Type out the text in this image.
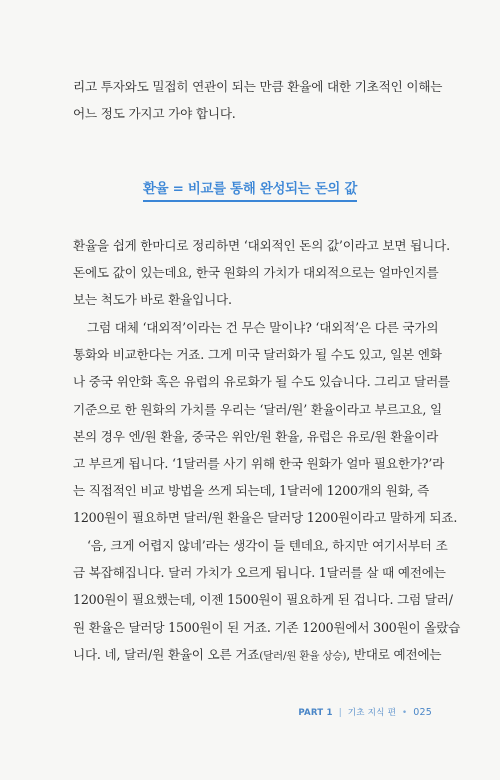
리고 투자와도 밀접히 연관이 되는 만큼 환율에 대한 기초적인 이해는
어느 정도 가지고 가야 합니다.
환율 = 비교를 통해 완성되는 돈의 값
환율을 쉽게 한마디로 정리하면 ‘대외적인 돈의 값’이라고 보면 됩니다.
돈에도 값이 있는데요, 한국 원화의 가치가 대외적으로는 얼마인지를
보는 척도가 바로 환율입니다.
그럼 대체 ‘대외적’이라는 건 무슨 말이냐? ‘대외적’은 다른 국가의
통화와 비교한다는 거죠. 그게 미국 달러화가 될 수도 있고, 일본 엔화
나 중국 위안화 혹은 유럽의 유로화가 될 수도 있습니다. 그리고 달러를
기준으로 한 원화의 가치를 우리는 ‘달러/원’ 환율이라고 부르고요, 일
본의 경우 엔/원 환율, 중국은 위안/원 환율, 유럽은 유로/원 환율이라
고 부르게 됩니다. ‘1달러를 사기 위해 한국 원화가 얼마 필요한가?’라
는 직접적인 비교 방법을 쓰게 되는데, 1달러에 1200개의 원화, 즉
1200원이 필요하면 달러/원 환율은 달러당 1200원이라고 말하게 되죠.
‘음, 크게 어렵지 않네’라는 생각이 들 텐데요, 하지만 여기서부터 조
금 복잡해집니다. 달러 가치가 오르게 됩니다. 1달러를 살 때 예전에는
1200원이 필요했는데, 이젠 1500원이 필요하게 된 겁니다. 그럼 달러/
원 환율은 달러당 1500원이 된 거죠. 기존 1200원에서 300원이 올랐습
니다. 네, 달러/원 환율이 오른 거죠(달러/원 환율 상승), 반대로 예전에는
PART 1 | 기초 지식 편 • 025
